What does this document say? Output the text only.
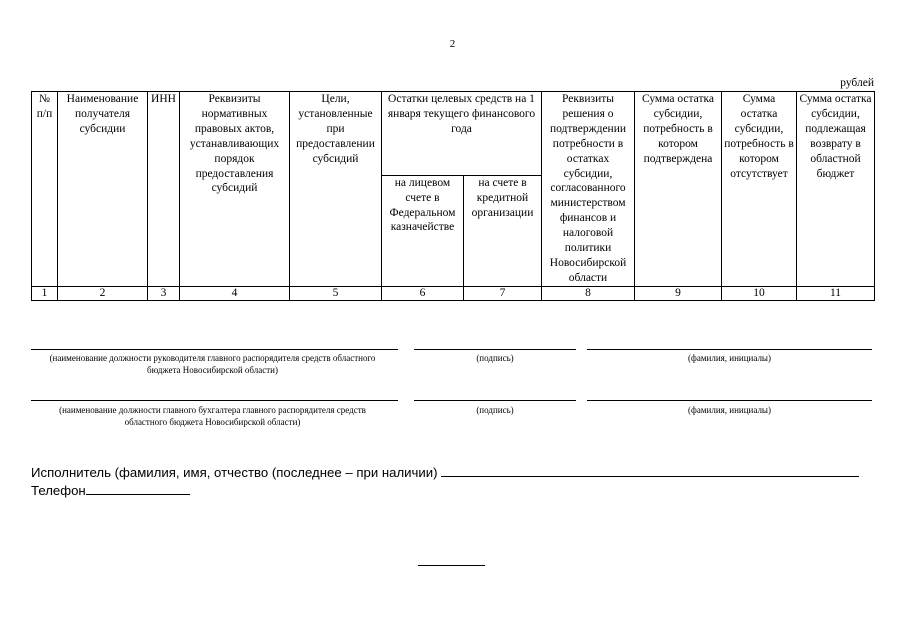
2
рублей
№ п/п	Наименование получателя субсидии	ИНН	Реквизиты нормативных правовых актов, устанавливающих порядок предоставления субсидий	Цели, установленные при предоставлении субсидий	Остатки целевых средств на 1 января текущего финансового года		Реквизиты решения о подтверждении потребности в остатках субсидии, согласованного министерством финансов и налоговой политики Новосибирской области	Сумма остатка субсидии, потребность в котором подтверждена	Сумма остатка субсидии, потребность в котором отсутствует	Сумма остатка субсидии, подлежащая возврату в областной бюджет
					на лицевом счете в Федеральном казначействе	на счете в кредитной организации				
1	2	3	4	5	6	7	8	9	10	11
(наименование должности руководителя главного распорядителя средств областного бюджета Новосибирской области)
(подпись)	(фамилия, инициалы)
(наименование должности главного бухгалтера главного распорядителя средств областного бюджета Новосибирской области)
(подпись)	(фамилия, инициалы)
Исполнитель (фамилия, имя, отчество (последнее – при наличии)
Телефон
